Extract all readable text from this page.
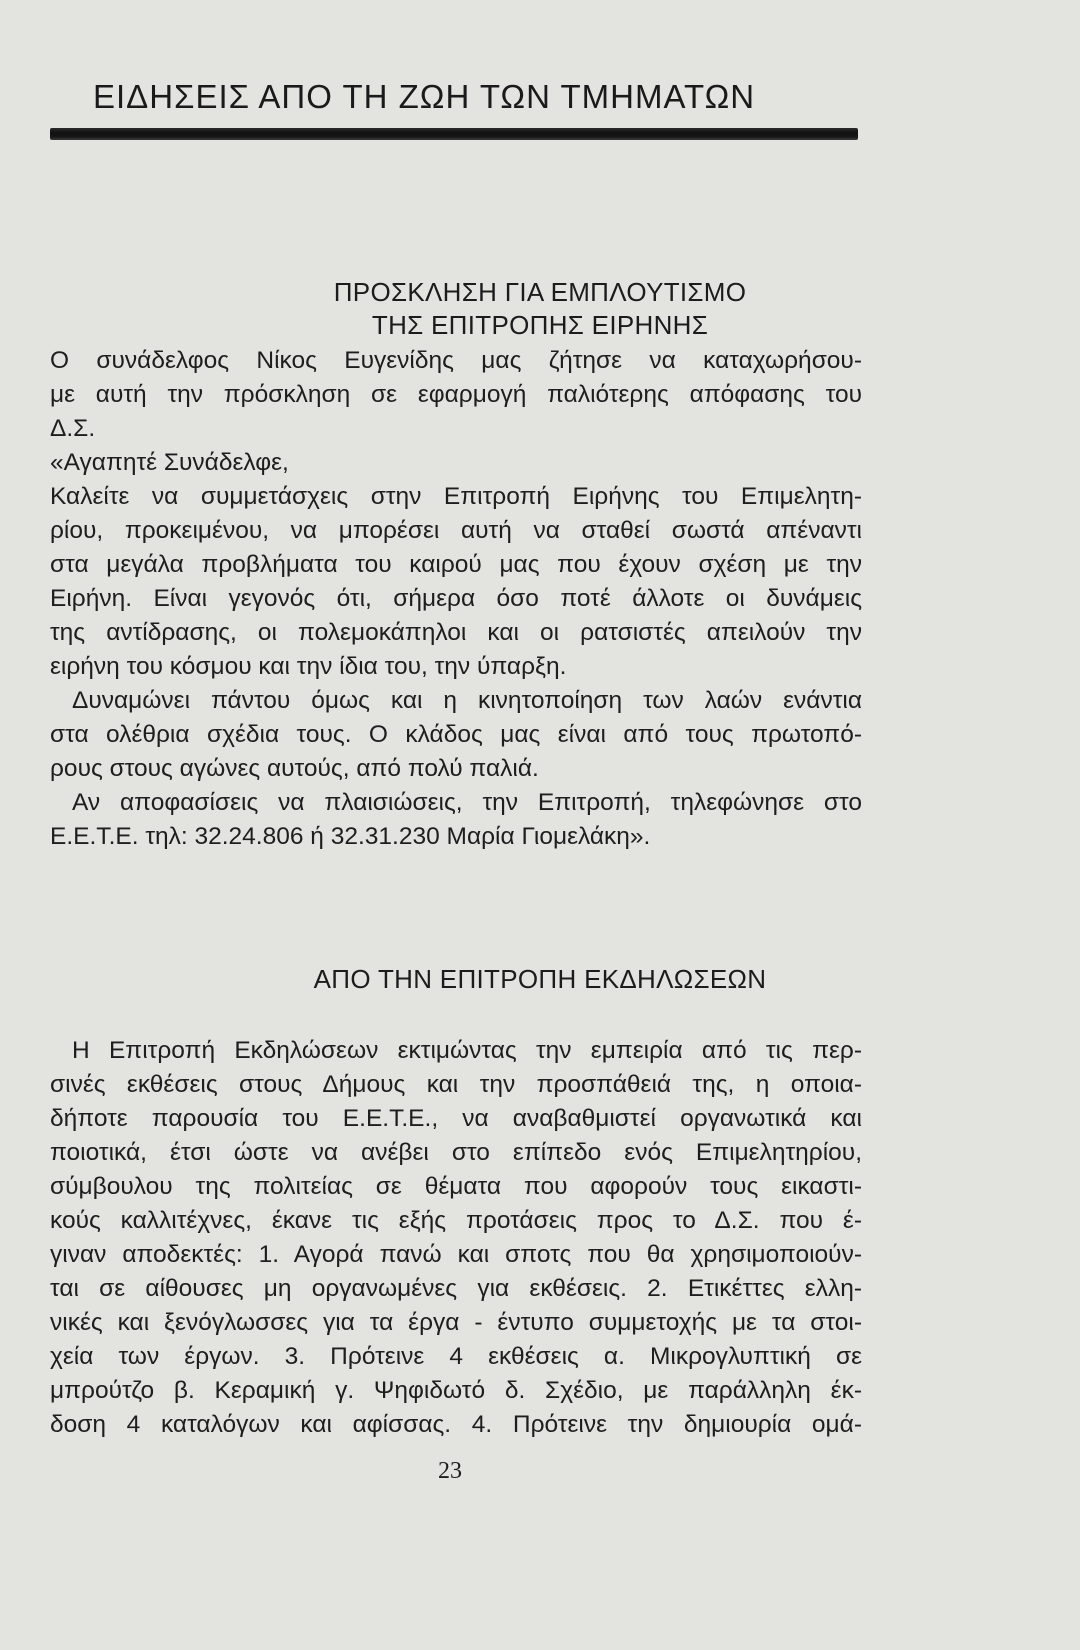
ΕΙΔΗΣΕΙΣ ΑΠΟ ΤΗ ΖΩΗ ΤΩΝ ΤΜΗΜΑΤΩΝ
ΠΡΟΣΚΛΗΣΗ ΓΙΑ ΕΜΠΛΟΥΤΙΣΜΟ
ΤΗΣ ΕΠΙΤΡΟΠΗΣ ΕΙΡΗΝΗΣ
Ο συνάδελφος Νίκος Ευγενίδης μας ζήτησε να καταχωρήσου-
με αυτή την πρόσκληση σε εφαρμογή παλιότερης απόφασης του
Δ.Σ.
«Αγαπητέ Συνάδελφε,
Καλείτε να συμμετάσχεις στην Επιτροπή Ειρήνης του Επιμελητη-
ρίου, προκειμένου, να μπορέσει αυτή να σταθεί σωστά απέναντι
στα μεγάλα προβλήματα του καιρού μας που έχουν σχέση με την
Ειρήνη. Είναι γεγονός ότι, σήμερα όσο ποτέ άλλοτε οι δυνάμεις
της αντίδρασης, οι πολεμοκάπηλοι και οι ρατσιστές απειλούν την
ειρήνη του κόσμου και την ίδια του, την ύπαρξη.
Δυναμώνει πάντου όμως και η κινητοποίηση των λαών ενάντια
στα ολέθρια σχέδια τους. Ο κλάδος μας είναι από τους πρωτοπό-
ρους στους αγώνες αυτούς, από πολύ παλιά.
Αν αποφασίσεις να πλαισιώσεις, την Επιτροπή, τηλεφώνησε στο
Ε.Ε.Τ.Ε. τηλ: 32.24.806 ή 32.31.230 Μαρία Γιομελάκη».
ΑΠΟ ΤΗΝ ΕΠΙΤΡΟΠΗ ΕΚΔΗΛΩΣΕΩΝ
Η Επιτροπή Εκδηλώσεων εκτιμώντας την εμπειρία από τις περ-
σινές εκθέσεις στους Δήμους και την προσπάθειά της, η οποια-
δήποτε παρουσία του Ε.Ε.Τ.Ε., να αναβαθμιστεί οργανωτικά και
ποιοτικά, έτσι ώστε να ανέβει στο επίπεδο ενός Επιμελητηρίου,
σύμβουλου της πολιτείας σε θέματα που αφορούν τους εικαστι-
κούς καλλιτέχνες, έκανε τις εξής προτάσεις προς το Δ.Σ. που έ-
γιναν αποδεκτές: 1. Αγορά πανώ και σποτς που θα χρησιμοποιούν-
ται σε αίθουσες μη οργανωμένες για εκθέσεις. 2. Ετικέττες ελλη-
νικές και ξενόγλωσσες για τα έργα - έντυπο συμμετοχής με τα στοι-
χεία των έργων. 3. Πρότεινε 4 εκθέσεις α. Μικρογλυπτική σε
μπρούτζο β. Κεραμική γ. Ψηφιδωτό δ. Σχέδιο, με παράλληλη έκ-
δοση 4 καταλόγων και αφίσσας. 4. Πρότεινε την δημιουρία ομά-
23
